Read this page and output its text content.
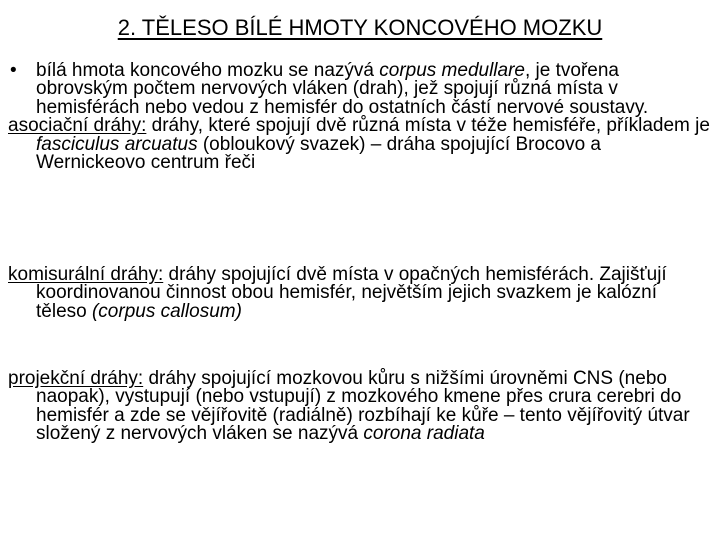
2. TĚLESO BÍLÉ HMOTY KONCOVÉHO MOZKU

• bílá hmota koncového mozku se nazývá corpus medullare, je tvořena obrovským počtem nervových vláken (drah), jež spojují různá místa v hemisférách nebo vedou z hemisfér do ostatních částí nervové soustavy.

asociační dráhy: dráhy, které spojují dvě různá místa v téže hemisféře, příkladem je fasciculus arcuatus (obloukový svazek) – dráha spojující Brocovo a Wernickeovo centrum řeči

komisurální dráhy: dráhy spojující dvě místa v opačných hemisférách. Zajišťují koordinovanou činnost obou hemisfér, největším jejich svazkem je kalózní těleso (corpus callosum)

projekční dráhy: dráhy spojující mozkovou kůru s nižšími úrovněmi CNS (nebo naopak), vystupují (nebo vstupují) z mozkového kmene přes crura cerebri do hemisfér a zde se vějířovitě (radiálně) rozbíhají ke kůře – tento vějířovitý útvar složený z nervových vláken se nazývá corona radiata
